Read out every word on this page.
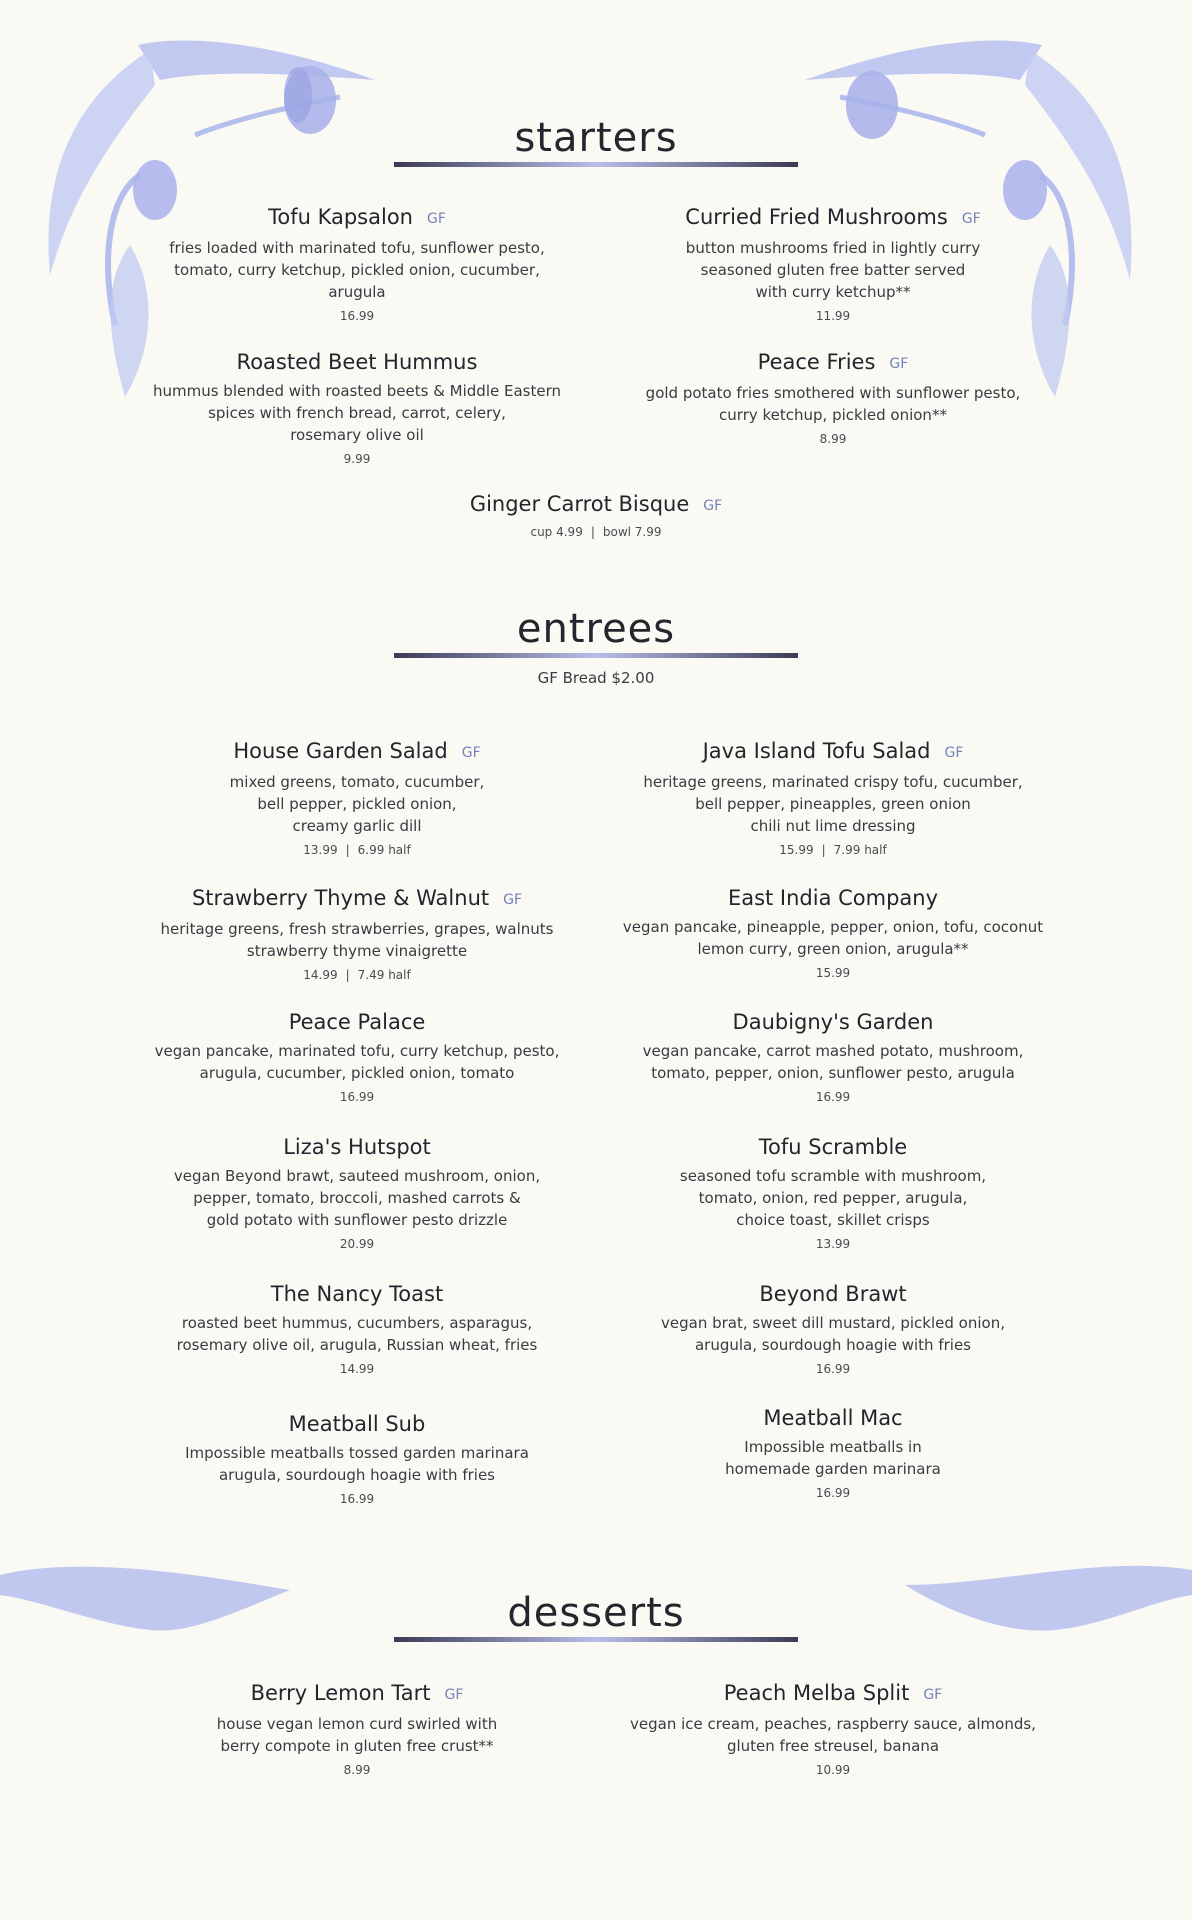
starters
Tofu Kapsalon GF
fries loaded with marinated tofu, sunflower pesto,
tomato, curry ketchup, pickled onion, cucumber,
arugula
16.99
Curried Fried Mushrooms GF
button mushrooms fried in lightly curry
seasoned gluten free batter served
with curry ketchup**
11.99
Roasted Beet Hummus
hummus blended with roasted beets & Middle Eastern
spices with french bread, carrot, celery,
rosemary olive oil
9.99
Peace Fries GF
gold potato fries smothered with sunflower pesto,
curry ketchup, pickled onion**
8.99
Ginger Carrot Bisque GF
cup 4.99 | bowl 7.99
entrees
GF Bread $2.00
House Garden Salad GF
mixed greens, tomato, cucumber,
bell pepper, pickled onion,
creamy garlic dill
13.99 | 6.99 half
Java Island Tofu Salad GF
heritage greens, marinated crispy tofu, cucumber,
bell pepper, pineapples, green onion
chili nut lime dressing
15.99 | 7.99 half
Strawberry Thyme & Walnut GF
heritage greens, fresh strawberries, grapes, walnuts
strawberry thyme vinaigrette
14.99 | 7.49 half
East India Company
vegan pancake, pineapple, pepper, onion, tofu, coconut
lemon curry, green onion, arugula**
15.99
Peace Palace
vegan pancake, marinated tofu, curry ketchup, pesto,
arugula, cucumber, pickled onion, tomato
16.99
Daubigny's Garden
vegan pancake, carrot mashed potato, mushroom,
tomato, pepper, onion, sunflower pesto, arugula
16.99
Liza's Hutspot
vegan Beyond brawt, sauteed mushroom, onion,
pepper, tomato, broccoli, mashed carrots &
gold potato with sunflower pesto drizzle
20.99
Tofu Scramble
seasoned tofu scramble with mushroom,
tomato, onion, red pepper, arugula,
choice toast, skillet crisps
13.99
The Nancy Toast
roasted beet hummus, cucumbers, asparagus,
rosemary olive oil, arugula, Russian wheat, fries
14.99
Beyond Brawt
vegan brat, sweet dill mustard, pickled onion,
arugula, sourdough hoagie with fries
16.99
Meatball Sub
Impossible meatballs tossed garden marinara
arugula, sourdough hoagie with fries
16.99
Meatball Mac
Impossible meatballs in
homemade garden marinara
16.99
desserts
Berry Lemon Tart GF
house vegan lemon curd swirled with
berry compote in gluten free crust**
8.99
Peach Melba Split GF
vegan ice cream, peaches, raspberry sauce, almonds,
gluten free streusel, banana
10.99
